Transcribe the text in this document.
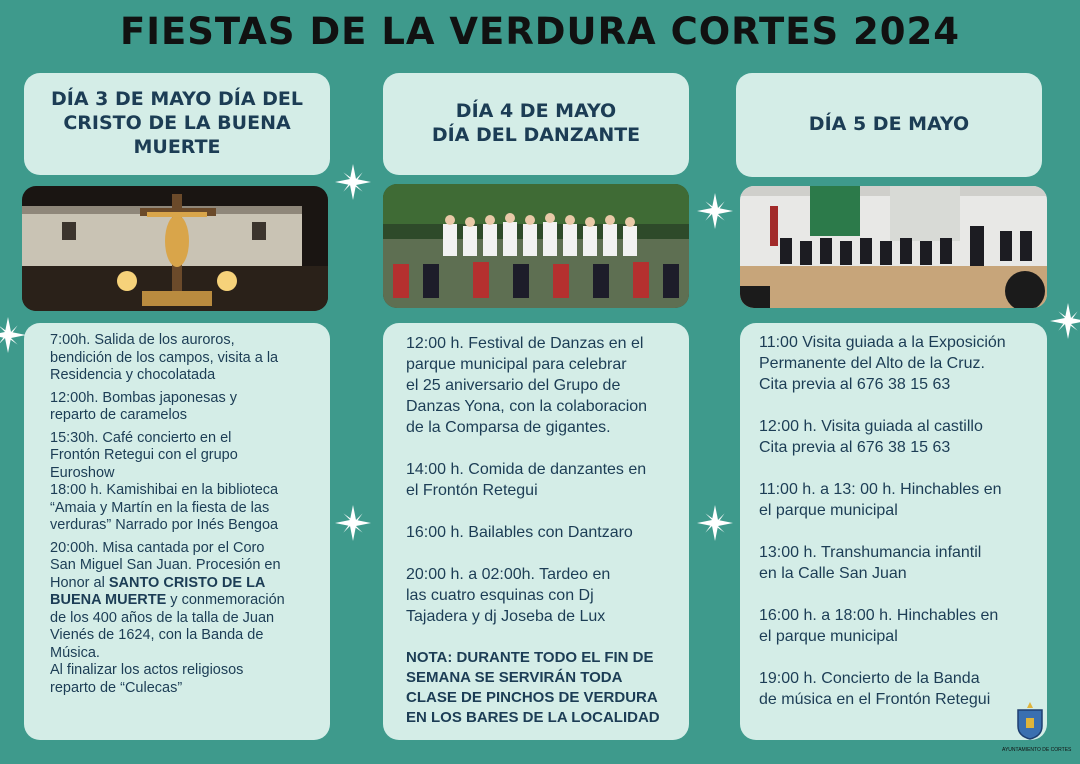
FIESTAS DE LA VERDURA CORTES 2024
DÍA 3 DE MAYO DÍA DEL
CRISTO DE LA BUENA
MUERTE

7:00h. Salida de los auroros,
bendición de los campos, visita a la
Residencia y chocolatada

12:00h. Bombas japonesas y
reparto de caramelos

15:30h. Café concierto en el
Frontón Retegui con el grupo
Euroshow
18:00 h. Kamishibai en la biblioteca
“Amaia y Martín en la fiesta de las
verduras” Narrado por Inés Bengoa

20:00h. Misa cantada por el Coro
San Miguel San Juan. Procesión en
Honor al SANTO CRISTO DE LA
BUENA MUERTE y conmemoración
de los 400 años de la talla de Juan
Vienés de 1624, con la Banda de
Música.
Al finalizar los actos religiosos
reparto de “Culecas”

DÍA 4 DE MAYO
DÍA DEL DANZANTE

12:00 h. Festival de Danzas en el
parque municipal para celebrar
el 25 aniversario del Grupo de
Danzas Yona, con la colaboracion
de la Comparsa de gigantes.

14:00 h. Comida de danzantes en
el Frontón Retegui

16:00 h. Bailables con Dantzaro

20:00 h. a 02:00h. Tardeo en
las cuatro esquinas con Dj
Tajadera y dj Joseba de Lux

NOTA: DURANTE TODO EL FIN DE
SEMANA SE SERVIRÁN TODA
CLASE DE PINCHOS DE VERDURA
EN LOS BARES DE LA LOCALIDAD

DÍA 5 DE MAYO

11:00 Visita guiada a la Exposición
Permanente del Alto de la Cruz.
Cita previa al 676 38 15 63

12:00 h. Visita guiada al castillo
Cita previa al 676 38 15 63

11:00 h. a 13: 00 h. Hinchables en
el parque municipal

13:00 h. Transhumancia infantil
en la Calle San Juan

16:00 h. a 18:00 h. Hinchables en
el parque municipal

19:00 h. Concierto de la Banda
de música en el Frontón Retegui

AYUNTAMIENTO DE CORTES
